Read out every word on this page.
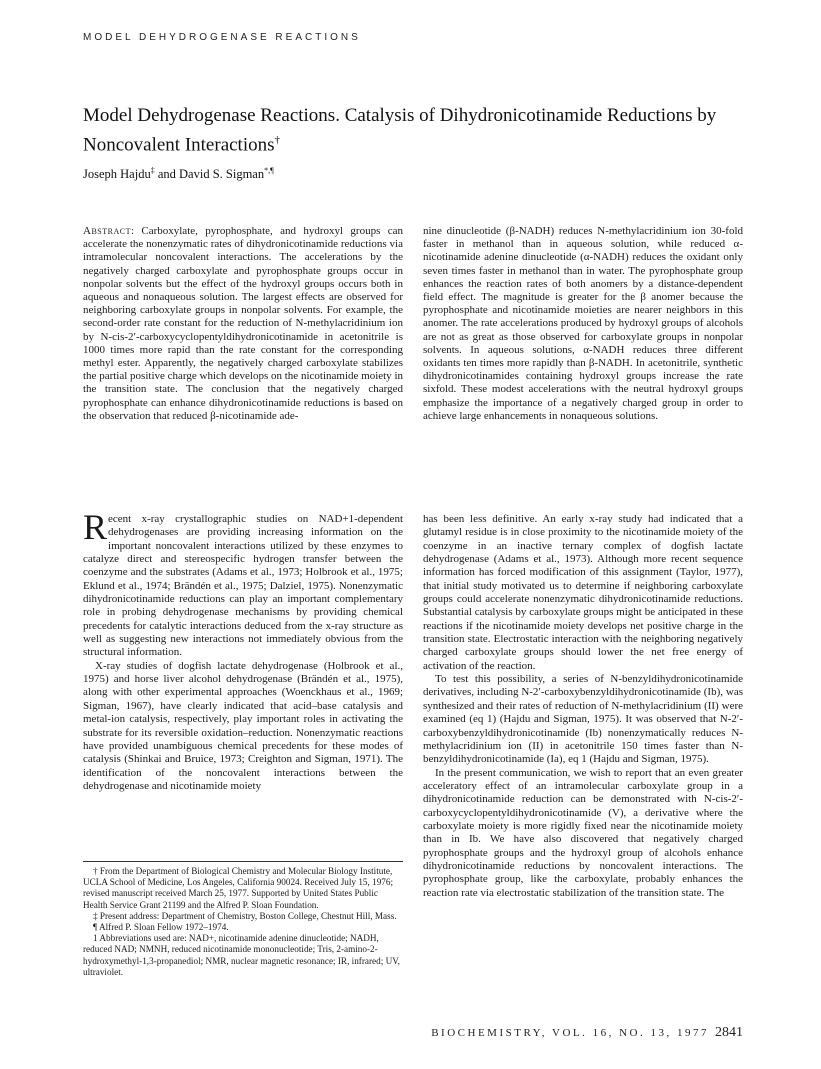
MODEL DEHYDROGENASE REACTIONS
Model Dehydrogenase Reactions. Catalysis of Dihydronicotinamide Reductions by Noncovalent Interactions†
Joseph Hajdu‡ and David S. Sigman*,¶
Abstract: Carboxylate, pyrophosphate, and hydroxyl groups can accelerate the nonenzymatic rates of dihydronicotinamide reductions via intramolecular noncovalent interactions. The accelerations by the negatively charged carboxylate and pyrophosphate groups occur in nonpolar solvents but the effect of the hydroxyl groups occurs both in aqueous and nonaqueous solution. The largest effects are observed for neighboring carboxylate groups in nonpolar solvents. For example, the second-order rate constant for the reduction of N-methylacridinium ion by N-cis-2′-carboxycyclopentyldihydronicotinamide in acetonitrile is 1000 times more rapid than the rate constant for the corresponding methyl ester. Apparently, the negatively charged carboxylate stabilizes the partial positive charge which develops on the nicotinamide moiety in the transition state. The conclusion that the negatively charged pyrophosphate can enhance dihydronicotinamide reductions is based on the observation that reduced β-nicotinamide ade-
nine dinucleotide (β-NADH) reduces N-methylacridinium ion 30-fold faster in methanol than in aqueous solution, while reduced α-nicotinamide adenine dinucleotide (α-NADH) reduces the oxidant only seven times faster in methanol than in water. The pyrophosphate group enhances the reaction rates of both anomers by a distance-dependent field effect. The magnitude is greater for the β anomer because the pyrophosphate and nicotinamide moieties are nearer neighbors in this anomer. The rate accelerations produced by hydroxyl groups of alcohols are not as great as those observed for carboxylate groups in nonpolar solvents. In aqueous solutions, α-NADH reduces three different oxidants ten times more rapidly than β-NADH. In acetonitrile, synthetic dihydronicotinamides containing hydroxyl groups increase the rate sixfold. These modest accelerations with the neutral hydroxyl groups emphasize the importance of a negatively charged group in order to achieve large enhancements in nonaqueous solutions.

Recent x-ray crystallographic studies on NAD+1-dependent dehydrogenases are providing increasing information on the important noncovalent interactions utilized by these enzymes to catalyze direct and stereospecific hydrogen transfer between the coenzyme and the substrates (Adams et al., 1973; Holbrook et al., 1975; Eklund et al., 1974; Brändén et al., 1975; Dalziel, 1975). Nonenzymatic dihydronicotinamide reductions can play an important complementary role in probing dehydrogenase mechanisms by providing chemical precedents for catalytic interactions deduced from the x-ray structure as well as suggesting new interactions not immediately obvious from the structural information.

X-ray studies of dogfish lactate dehydrogenase (Holbrook et al., 1975) and horse liver alcohol dehydrogenase (Brändén et al., 1975), along with other experimental approaches (Woenckhaus et al., 1969; Sigman, 1967), have clearly indicated that acid–base catalysis and metal-ion catalysis, respectively, play important roles in activating the substrate for its reversible oxidation–reduction. Nonenzymatic reactions have provided unambiguous chemical precedents for these modes of catalysis (Shinkai and Bruice, 1973; Creighton and Sigman, 1971). The identification of the noncovalent interactions between the dehydrogenase and nicotinamide moiety

† From the Department of Biological Chemistry and Molecular Biology Institute, UCLA School of Medicine, Los Angeles, California 90024. Received July 15, 1976; revised manuscript received March 25, 1977. Supported by United States Public Health Service Grant 21199 and the Alfred P. Sloan Foundation.

‡ Present address: Department of Chemistry, Boston College, Chestnut Hill, Mass.

¶ Alfred P. Sloan Fellow 1972–1974.

1 Abbreviations used are: NAD+, nicotinamide adenine dinucleotide; NADH, reduced NAD; NMNH, reduced nicotinamide mononucleotide; Tris, 2-amino-2-hydroxymethyl-1,3-propanediol; NMR, nuclear magnetic resonance; IR, infrared; UV, ultraviolet.

has been less definitive. An early x-ray study had indicated that a glutamyl residue is in close proximity to the nicotinamide moiety of the coenzyme in an inactive ternary complex of dogfish lactate dehydrogenase (Adams et al., 1973). Although more recent sequence information has forced modification of this assignment (Taylor, 1977), that initial study motivated us to determine if neighboring carboxylate groups could accelerate nonenzymatic dihydronicotinamide reductions. Substantial catalysis by carboxylate groups might be anticipated in these reactions if the nicotinamide moiety develops net positive charge in the transition state. Electrostatic interaction with the neighboring negatively charged carboxylate groups should lower the net free energy of activation of the reaction.

To test this possibility, a series of N-benzyldihydronicotinamide derivatives, including N-2′-carboxybenzyldihydronicotinamide (Ib), was synthesized and their rates of reduction of N-methylacridinium (II) were examined (eq 1) (Hajdu and Sigman, 1975). It was observed that N-2′-carboxybenzyldihydronicotinamide (Ib) nonenzymatically reduces N-methylacridinium ion (II) in acetonitrile 150 times faster than N-benzyldihydronicotinamide (Ia), eq 1 (Hajdu and Sigman, 1975).

In the present communication, we wish to report that an even greater acceleratory effect of an intramolecular carboxylate group in a dihydronicotinamide reduction can be demonstrated with N-cis-2′-carboxycyclopentyldihydronicotinamide (V), a derivative where the carboxylate moiety is more rigidly fixed near the nicotinamide moiety than in Ib. We have also discovered that negatively charged pyrophosphate groups and the hydroxyl group of alcohols enhance dihydronicotinamide reductions by noncovalent interactions. The pyrophosphate group, like the carboxylate, probably enhances the reaction rate via electrostatic stabilization of the transition state. The

BIOCHEMISTRY, VOL. 16, NO. 13, 1977 2841
